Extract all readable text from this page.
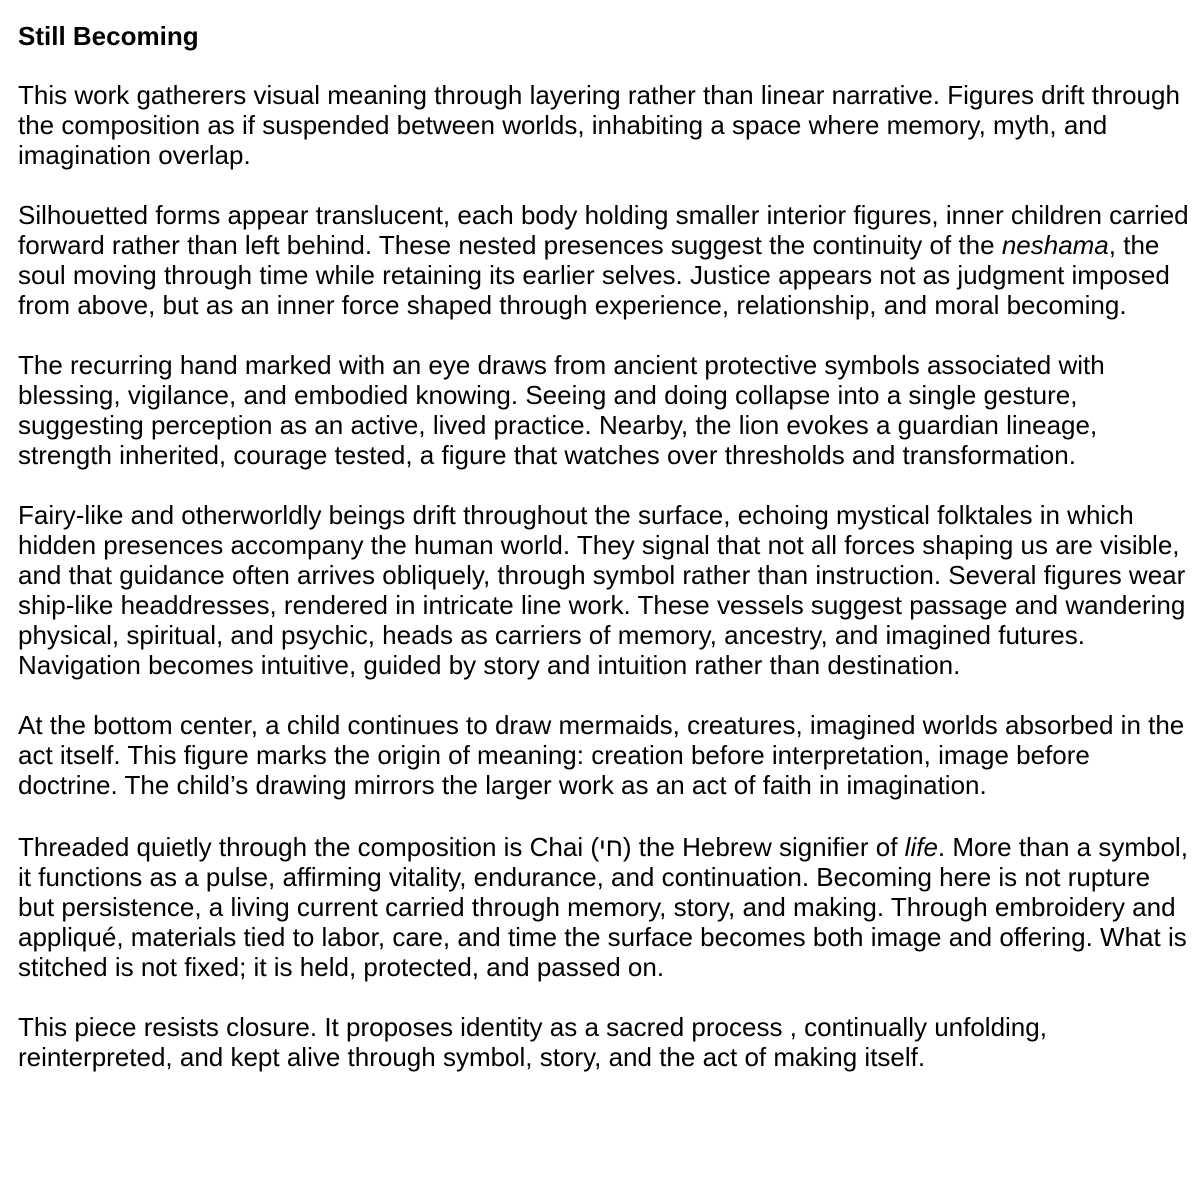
Still Becoming

This work gatherers visual meaning through layering rather than linear narrative. Figures drift through the composition as if suspended between worlds, inhabiting a space where memory, myth, and imagination overlap.

Silhouetted forms appear translucent, each body holding smaller interior figures, inner children carried forward rather than left behind. These nested presences suggest the continuity of the neshama, the soul moving through time while retaining its earlier selves. Justice appears not as judgment imposed from above, but as an inner force shaped through experience, relationship, and moral becoming.

The recurring hand marked with an eye draws from ancient protective symbols associated with blessing, vigilance, and embodied knowing. Seeing and doing collapse into a single gesture, suggesting perception as an active, lived practice. Nearby, the lion evokes a guardian lineage, strength inherited, courage tested, a figure that watches over thresholds and transformation.

Fairy-like and otherworldly beings drift throughout the surface, echoing mystical folktales in which hidden presences accompany the human world. They signal that not all forces shaping us are visible, and that guidance often arrives obliquely, through symbol rather than instruction. Several figures wear ship-like headdresses, rendered in intricate line work. These vessels suggest passage and wandering physical, spiritual, and psychic, heads as carriers of memory, ancestry, and imagined futures. Navigation becomes intuitive, guided by story and intuition rather than destination.

At the bottom center, a child continues to draw mermaids, creatures, imagined worlds absorbed in the act itself. This figure marks the origin of meaning: creation before interpretation, image before doctrine. The child’s drawing mirrors the larger work as an act of faith in imagination.

Threaded quietly through the composition is Chai (חי) the Hebrew signifier of life. More than a symbol, it functions as a pulse, affirming vitality, endurance, and continuation. Becoming here is not rupture but persistence, a living current carried through memory, story, and making. Through embroidery and appliqué, materials tied to labor, care, and time the surface becomes both image and offering. What is stitched is not fixed; it is held, protected, and passed on.

This piece resists closure. It proposes identity as a sacred process , continually unfolding, reinterpreted, and kept alive through symbol, story, and the act of making itself.
